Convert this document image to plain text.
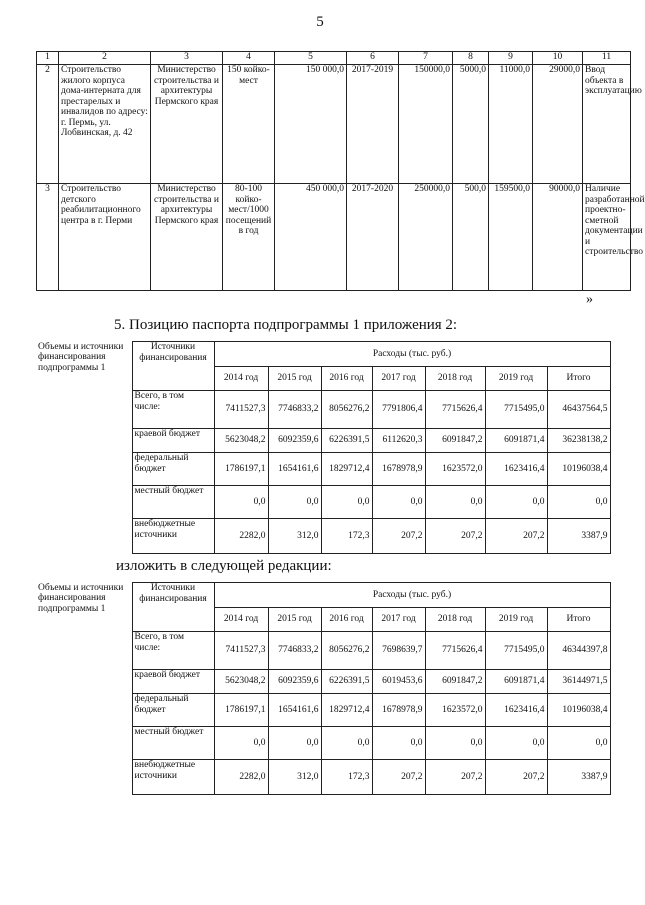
5
1	2	3	4	5	6	7	8	9	10	11
2	Строительство жилого корпуса дома-интерната для престарелых и инвалидов по адресу: г. Пермь, ул. Лобвинская, д. 42	Министерство строительства и архитектуры Пермского края	150 койко-мест	150 000,0	2017-2019	150000,0	5000,0	11000,0	29000,0	Ввод объекта в эксплуатацию
3	Строительство детского реабилитационного центра в г. Перми	Министерство строительства и архитектуры Пермского края	80-100 койко-мест/1000 посещений в год	450 000,0	2017-2020	250000,0	500,0	159500,0	90000,0	Наличие разработанной проектно-сметной документации и строительство
»
5. Позицию паспорта подпрограммы 1 приложения 2:
Объемы и источники финансирования подпрограммы 1	Источники финансирования	Расходы (тыс. руб.)						
		2014 год	2015 год	2016 год	2017 год	2018 год	2019 год	Итого
	Всего, в том числе:	7411527,3	7746833,2	8056276,2	7791806,4	7715626,4	7715495,0	46437564,5
	краевой бюджет	5623048,2	6092359,6	6226391,5	6112620,3	6091847,2	6091871,4	36238138,2
	федеральный бюджет	1786197,1	1654161,6	1829712,4	1678978,9	1623572,0	1623416,4	10196038,4
	местный бюджет	0,0	0,0	0,0	0,0	0,0	0,0	0,0
	внебюджетные источники	2282,0	312,0	172,3	207,2	207,2	207,2	3387,9
изложить в следующей редакции:
Объемы и источники финансирования подпрограммы 1	Источники финансирования	Расходы (тыс. руб.)						
		2014 год	2015 год	2016 год	2017 год	2018 год	2019 год	Итого
	Всего, в том числе:	7411527,3	7746833,2	8056276,2	7698639,7	7715626,4	7715495,0	46344397,8
	краевой бюджет	5623048,2	6092359,6	6226391,5	6019453,6	6091847,2	6091871,4	36144971,5
	федеральный бюджет	1786197,1	1654161,6	1829712,4	1678978,9	1623572,0	1623416,4	10196038,4
	местный бюджет	0,0	0,0	0,0	0,0	0,0	0,0	0,0
	внебюджетные источники	2282,0	312,0	172,3	207,2	207,2	207,2	3387,9
